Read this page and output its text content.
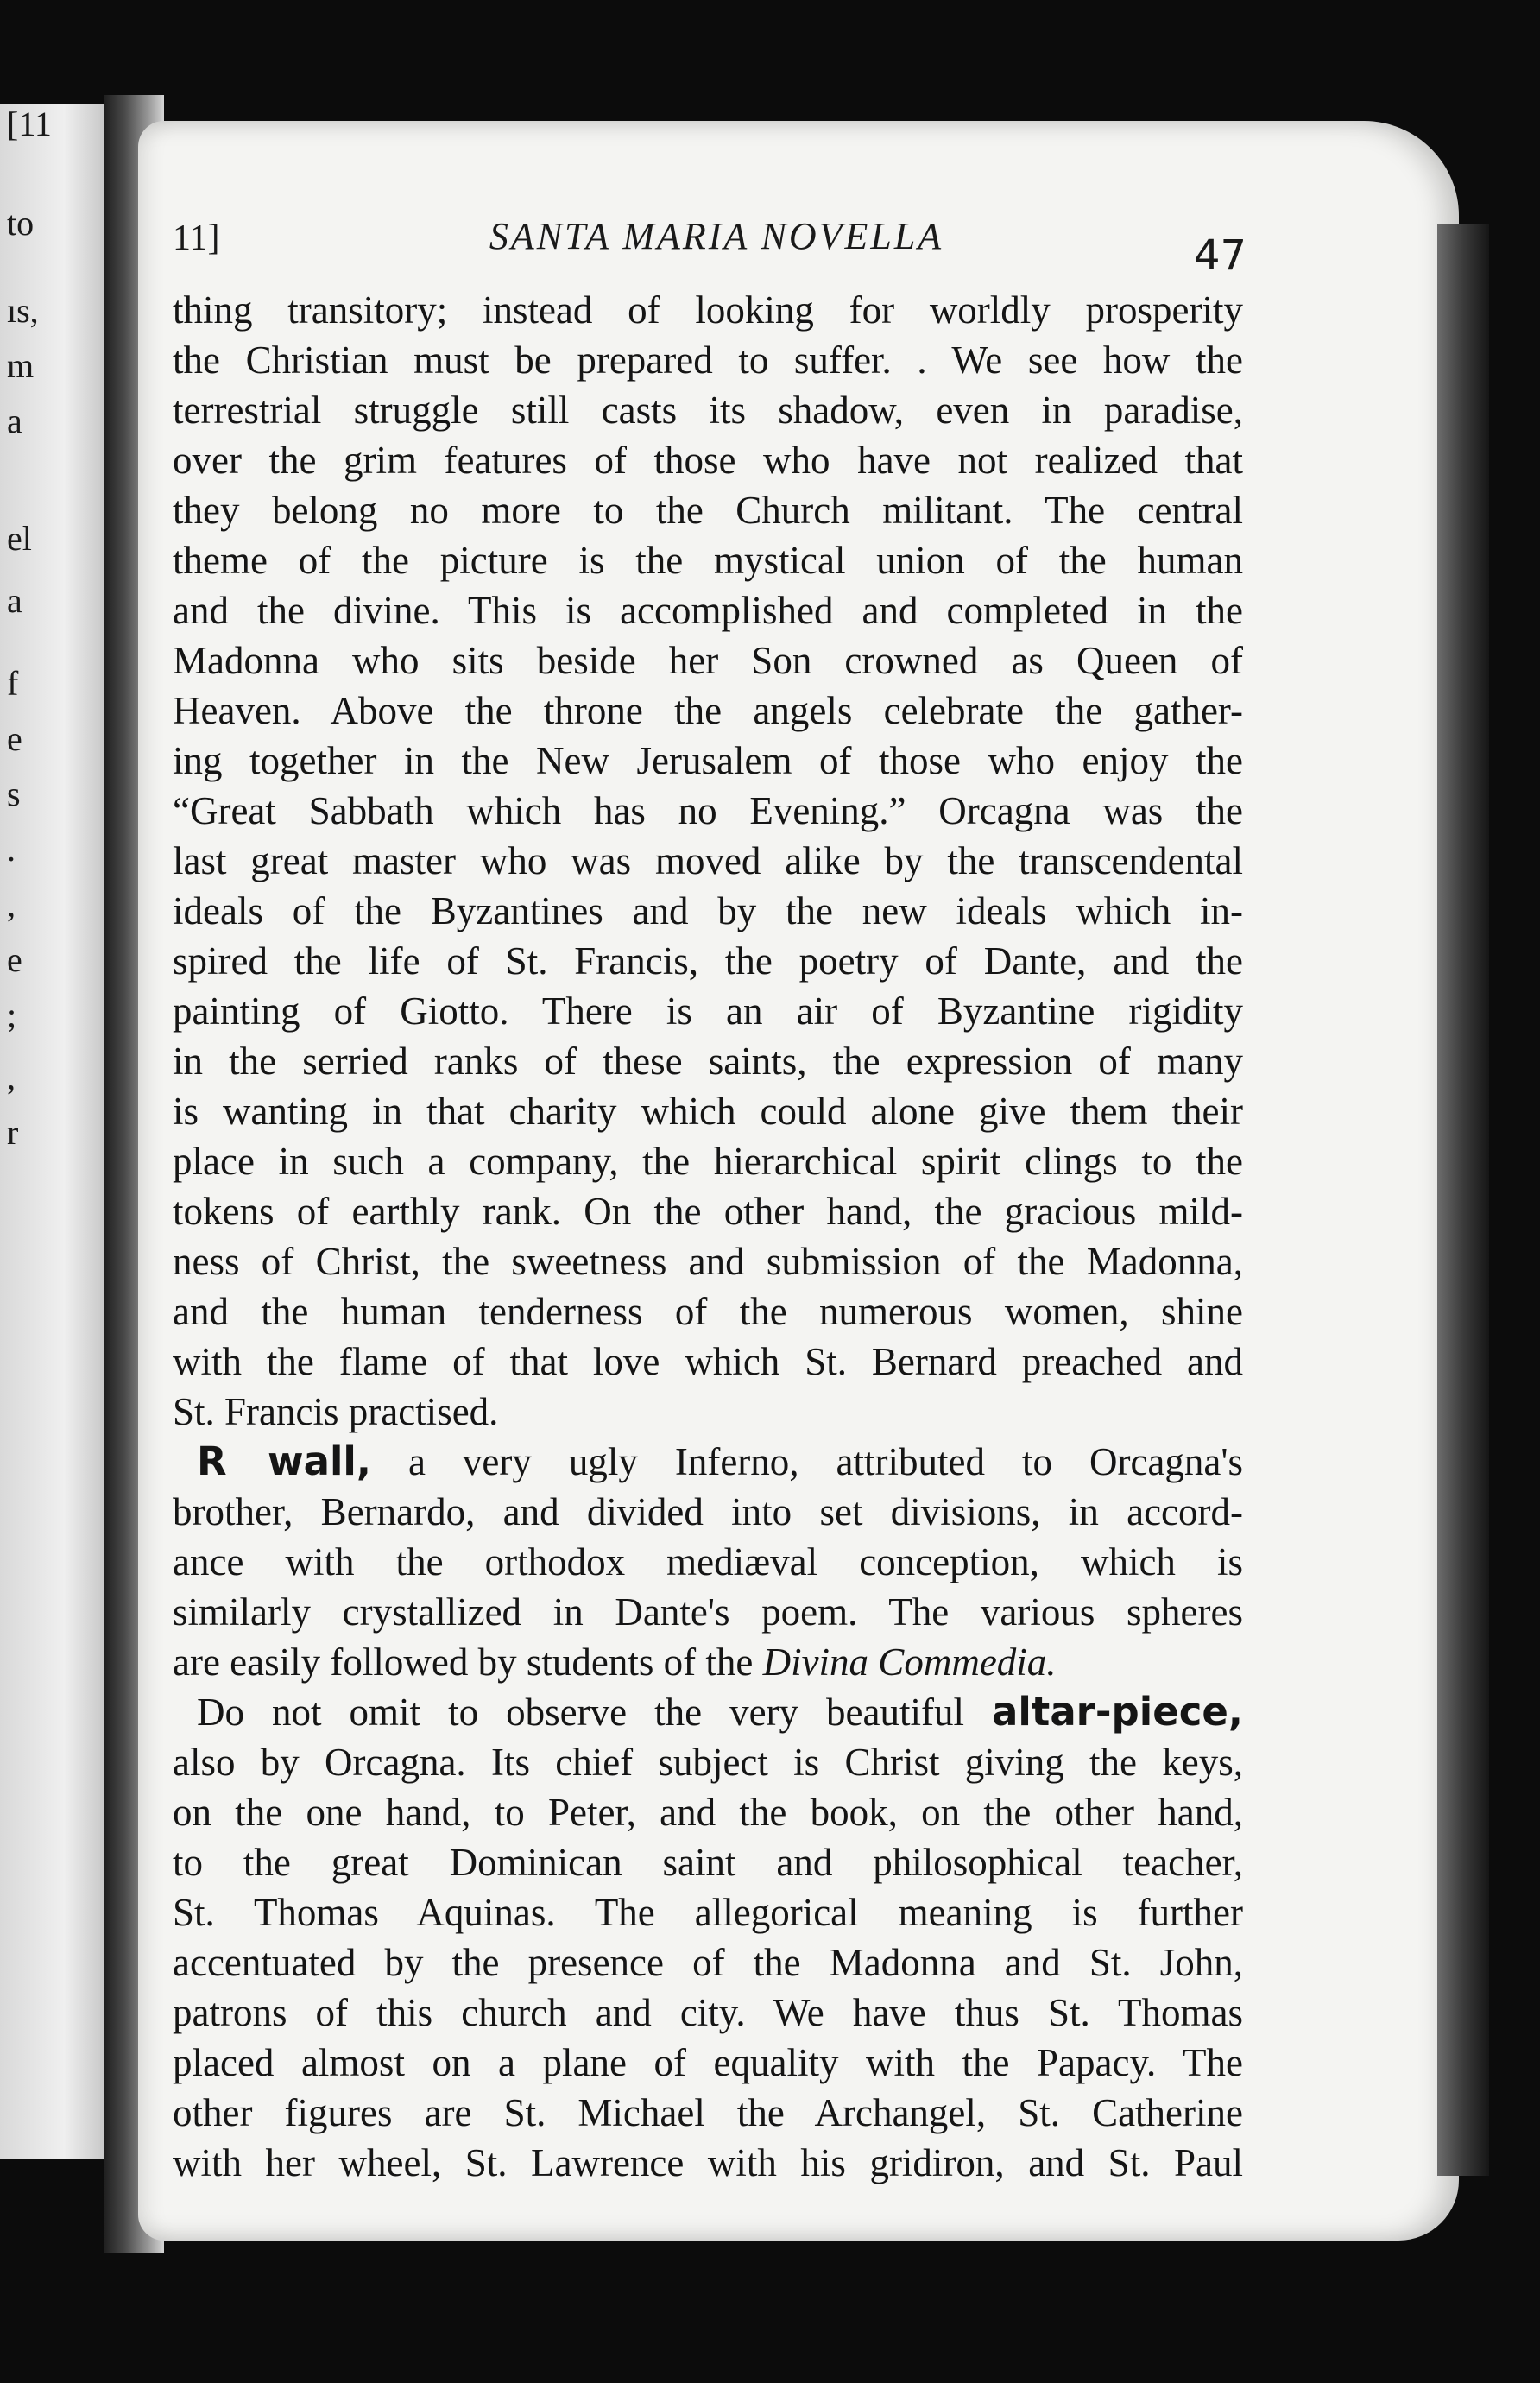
[11
to
ıs,
m
a
el
a
f
e
s
.
,
e
;
,
r
11]	SANTA MARIA NOVELLA	47
thing transitory; instead of looking for worldly prosperity
the Christian must be prepared to suffer. . We see how the
terrestrial struggle still casts its shadow, even in paradise,
over the grim features of those who have not realized that
they belong no more to the Church militant. The central
theme of the picture is the mystical union of the human
and the divine. This is accomplished and completed in the
Madonna who sits beside her Son crowned as Queen of
Heaven. Above the throne the angels celebrate the gather-
ing together in the New Jerusalem of those who enjoy the
“Great Sabbath which has no Evening.” Orcagna was the
last great master who was moved alike by the transcendental
ideals of the Byzantines and by the new ideals which in-
spired the life of St. Francis, the poetry of Dante, and the
painting of Giotto. There is an air of Byzantine rigidity
in the serried ranks of these saints, the expression of many
is wanting in that charity which could alone give them their
place in such a company, the hierarchical spirit clings to the
tokens of earthly rank. On the other hand, the gracious mild-
ness of Christ, the sweetness and submission of the Madonna,
and the human tenderness of the numerous women, shine
with the flame of that love which St. Bernard preached and
St. Francis practised.
R wall, a very ugly Inferno, attributed to Orcagna's
brother, Bernardo, and divided into set divisions, in accord-
ance with the orthodox mediæval conception, which is
similarly crystallized in Dante's poem. The various spheres
are easily followed by students of the Divina Commedia.
Do not omit to observe the very beautiful altar-piece,
also by Orcagna. Its chief subject is Christ giving the keys,
on the one hand, to Peter, and the book, on the other hand,
to the great Dominican saint and philosophical teacher,
St. Thomas Aquinas. The allegorical meaning is further
accentuated by the presence of the Madonna and St. John,
patrons of this church and city. We have thus St. Thomas
placed almost on a plane of equality with the Papacy. The
other figures are St. Michael the Archangel, St. Catherine
with her wheel, St. Lawrence with his gridiron, and St. Paul
